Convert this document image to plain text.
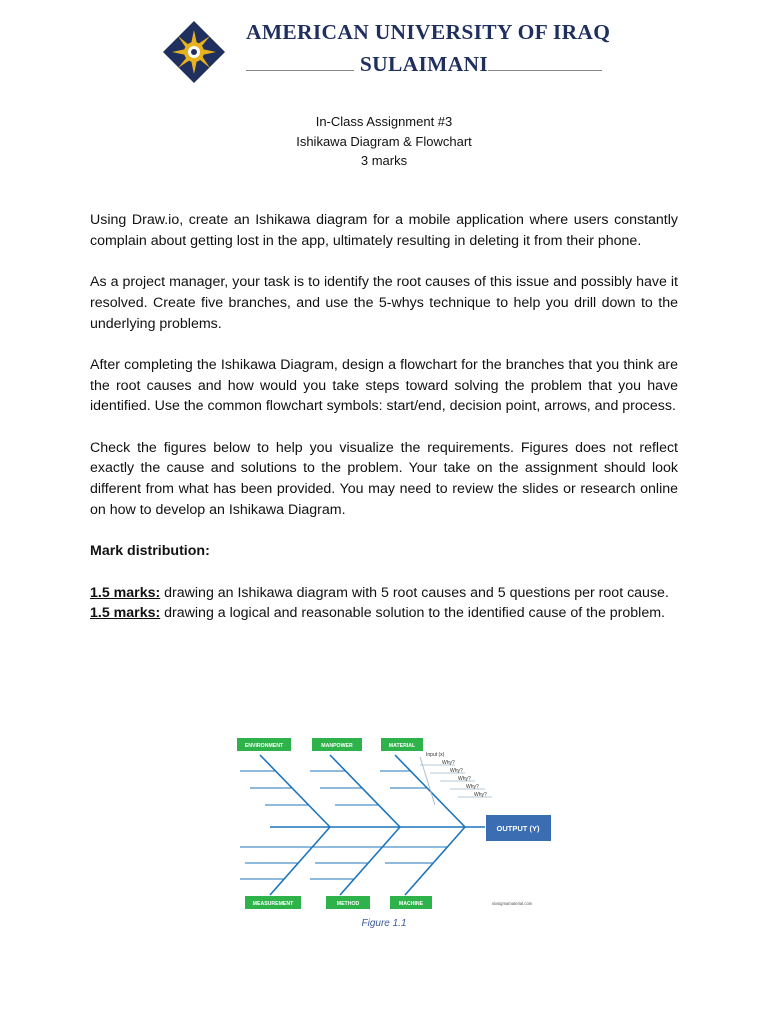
AMERICAN UNIVERSITY OF IRAQ
SULAIMANI
In-Class Assignment #3
Ishikawa Diagram & Flowchart
3 marks

Using Draw.io, create an Ishikawa diagram for a mobile application where users constantly complain about getting lost in the app, ultimately resulting in deleting it from their phone.

As a project manager, your task is to identify the root causes of this issue and possibly have it resolved. Create five branches, and use the 5-whys technique to help you drill down to the underlying problems.

After completing the Ishikawa Diagram, design a flowchart for the branches that you think are the root causes and how would you take steps toward solving the problem that you have identified. Use the common flowchart symbols: start/end, decision point, arrows, and process.

Check the figures below to help you visualize the requirements. Figures does not reflect exactly the cause and solutions to the problem. Your take on the assignment should look different from what has been provided. You may need to review the slides or research online on how to develop an Ishikawa Diagram.

Mark distribution:

1.5 marks: drawing an Ishikawa diagram with 5 root causes and 5 questions per root cause.

1.5 marks: drawing a logical and reasonable solution to the identified cause of the problem.

Input (x)
Why?
Why?
Why?
Why?
Why?
ENVIRONMENT	MANPOWER	MATERIAL
MEASUREMENT	METHOD	MACHINE
OUTPUT (Y)
sixsigmamaterial.com
Figure 1.1
